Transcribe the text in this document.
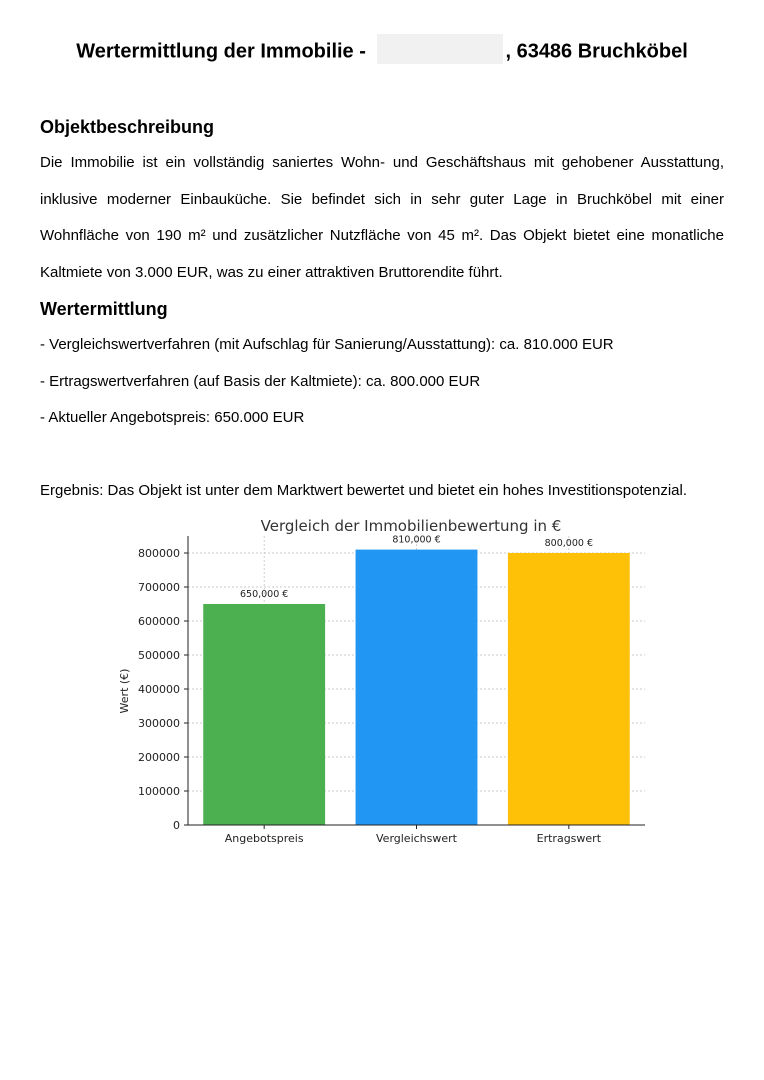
Wertermittlung der Immobilie -	, 63486 Bruchköbel
Objektbeschreibung

Die Immobilie ist ein vollständig saniertes Wohn- und Geschäftshaus mit gehobener Ausstattung, inklusive moderner Einbauküche. Sie befindet sich in sehr guter Lage in Bruchköbel mit einer Wohnfläche von 190 m² und zusätzlicher Nutzfläche von 45 m². Das Objekt bietet eine monatliche Kaltmiete von 3.000 EUR, was zu einer attraktiven Bruttorendite führt.

Wertermittlung

- Vergleichswertverfahren (mit Aufschlag für Sanierung/Ausstattung): ca. 810.000 EUR

- Ertragswertverfahren (auf Basis der Kaltmiete): ca. 800.000 EUR

- Aktueller Angebotspreis: 650.000 EUR

Ergebnis: Das Objekt ist unter dem Marktwert bewertet und bietet ein hohes Investitionspotenzial.

650,000 €
810,000 €	800,000 €
0
100000
200000
300000
400000
500000
600000
700000
800000
Angebotspreis	Vergleichswert	Ertragswert
Vergleich der Immobilienbewertung in €
Wert (€)
